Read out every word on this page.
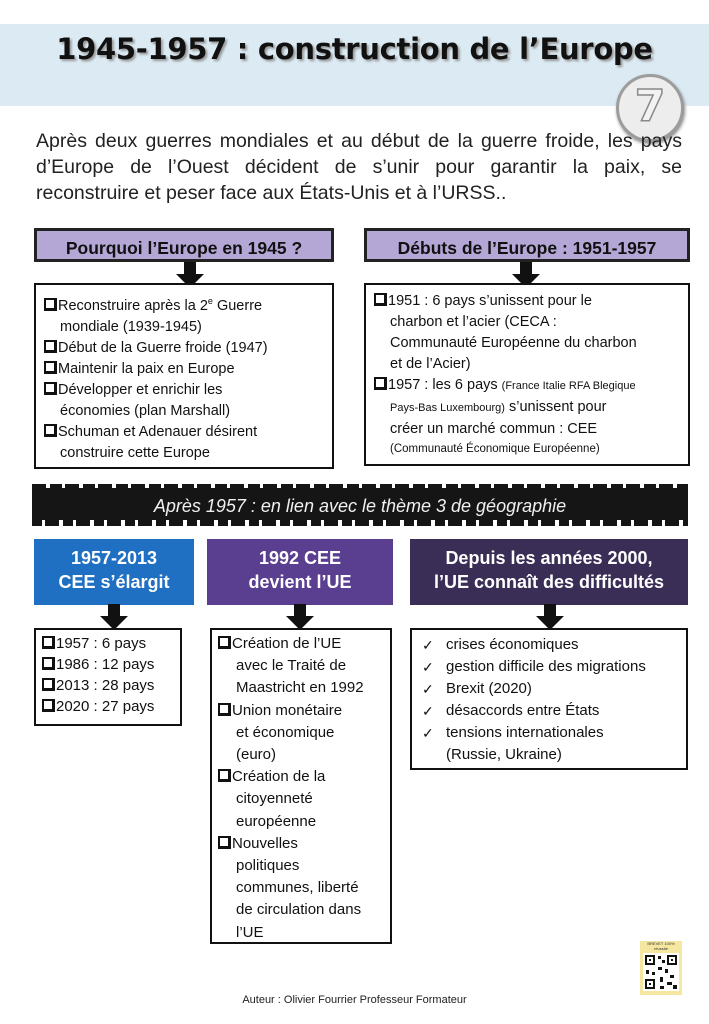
1945-1957 : construction de l’Europe
7
Après deux guerres mondiales et au début de la guerre froide, les pays d’Europe de l’Ouest décident de s’unir pour garantir la paix, se reconstruire et peser face aux États-Unis et à l’URSS..
Pourquoi l’Europe en 1945 ?

Reconstruire après la 2e Guerre

mondiale (1939-1945)

Début de la Guerre froide (1947)

Maintenir la paix en Europe

Développer et enrichir les

économies (plan Marshall)

Schuman et Adenauer désirent

construire cette Europe

Débuts de l’Europe : 1951-1957

1951 : 6 pays s’unissent pour le

charbon et l’acier (CECA :

Communauté Européenne du charbon

et de l’Acier)

1957 : les 6 pays (France Italie RFA Blegique

Pays-Bas Luxembourg) s’unissent pour

créer un marché commun : CEE

(Communauté Économique Européenne)

Après 1957 : en lien avec le thème 3 de géographie
1957-2013
CEE s’élargit

1957 : 6 pays

1986 : 12 pays

2013 : 28 pays

2020 : 27 pays

1992 CEE
devient l’UE

Création de l’UE

avec le Traité de

Maastricht en 1992

Union monétaire

et économique

(euro)

Création de la

citoyenneté

européenne

Nouvelles

politiques

communes, liberté

de circulation dans

l’UE

Depuis les années 2000,
l’UE connaît des difficultés
✓ crises économiques
✓ gestion difficile des migrations
✓ Brexit (2020)
✓ désaccords entre États
✓ tensions internationales
(Russie, Ukraine)
BREVET 100% réussite
Auteur : Olivier Fourrier Professeur Formateur
